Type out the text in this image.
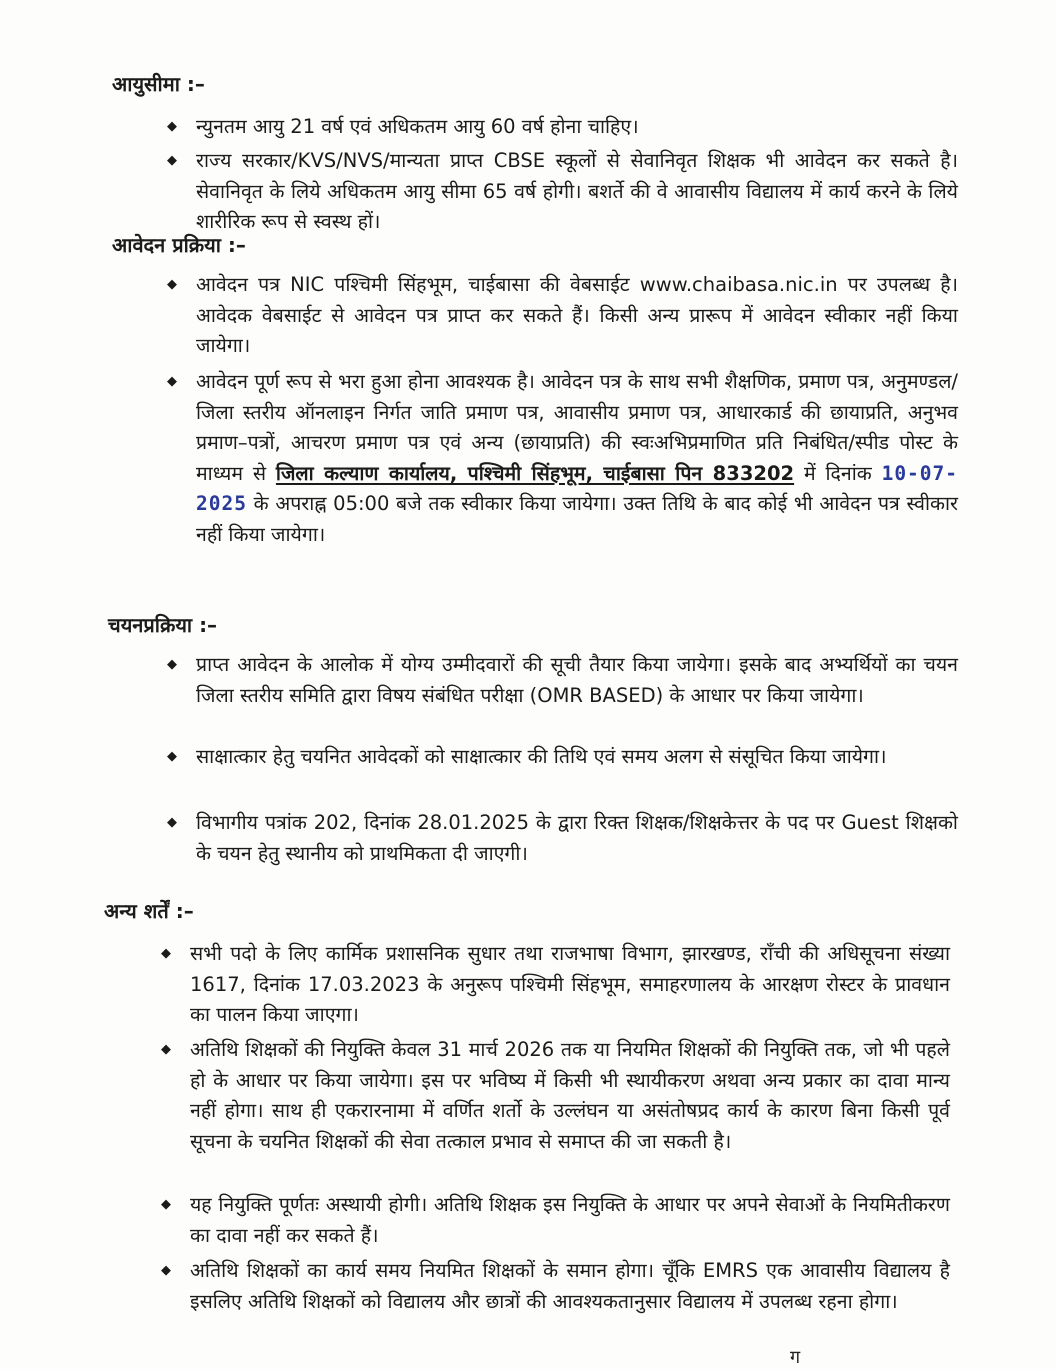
आयुसीमा :–
◆ न्युनतम आयु 21 वर्ष एवं अधिकतम आयु 60 वर्ष होना चाहिए।
◆ राज्य सरकार/KVS/NVS/मान्यता प्राप्त CBSE स्कूलों से सेवानिवृत शिक्षक भी आवेदन कर सकते है। सेवानिवृत के लिये अधिकतम आयु सीमा 65 वर्ष होगी। बशर्ते की वे आवासीय विद्यालय में कार्य करने के लिये शारीरिक रूप से स्वस्थ हों।
आवेदन प्रक्रिया :–
◆ आवेदन पत्र NIC पश्चिमी सिंहभूम, चाईबासा की वेबसाईट www.chaibasa.nic.in पर उपलब्ध है। आवेदक वेबसाईट से आवेदन पत्र प्राप्त कर सकते हैं। किसी अन्य प्रारूप में आवेदन स्वीकार नहीं किया जायेगा।
◆ आवेदन पूर्ण रूप से भरा हुआ होना आवश्यक है। आवेदन पत्र के साथ सभी शैक्षणिक, प्रमाण पत्र, अनुमण्डल/जिला स्तरीय ऑनलाइन निर्गत जाति प्रमाण पत्र, आवासीय प्रमाण पत्र, आधारकार्ड की छायाप्रति, अनुभव प्रमाण–पत्रों, आचरण प्रमाण पत्र एवं अन्य (छायाप्रति) की स्वःअभिप्रमाणित प्रति निबंधित/स्पीड पोस्ट के माध्यम से जिला कल्याण कार्यालय, पश्चिमी सिंहभूम, चाईबासा पिन 833202 में दिनांक 10-07-2025 के अपराह्न 05:00 बजे तक स्वीकार किया जायेगा। उक्त तिथि के बाद कोई भी आवेदन पत्र स्वीकार नहीं किया जायेगा।
चयनप्रक्रिया :–
◆ प्राप्त आवेदन के आलोक में योग्य उम्मीदवारों की सूची तैयार किया जायेगा। इसके बाद अभ्यर्थियों का चयन जिला स्तरीय समिति द्वारा विषय संबंधित परीक्षा (OMR BASED) के आधार पर किया जायेगा।
◆ साक्षात्कार हेतु चयनित आवेदकों को साक्षात्कार की तिथि एवं समय अलग से संसूचित किया जायेगा।
◆ विभागीय पत्रांक 202, दिनांक 28.01.2025 के द्वारा रिक्त शिक्षक/शिक्षकेत्तर के पद पर Guest शिक्षको के चयन हेतु स्थानीय को प्राथमिकता दी जाएगी।
अन्य शर्तें :–
◆ सभी पदो के लिए कार्मिक प्रशासनिक सुधार तथा राजभाषा विभाग, झारखण्ड, राँची की अधिसूचना संख्या 1617, दिनांक 17.03.2023 के अनुरूप पश्चिमी सिंहभूम, समाहरणालय के आरक्षण रोस्टर के प्रावधान का पालन किया जाएगा।
◆ अतिथि शिक्षकों की नियुक्ति केवल 31 मार्च 2026 तक या नियमित शिक्षकों की नियुक्ति तक, जो भी पहले हो के आधार पर किया जायेगा। इस पर भविष्य में किसी भी स्थायीकरण अथवा अन्य प्रकार का दावा मान्य नहीं होगा। साथ ही एकरारनामा में वर्णित शर्तो के उल्लंघन या असंतोषप्रद कार्य के कारण बिना किसी पूर्व सूचना के चयनित शिक्षकों की सेवा तत्काल प्रभाव से समाप्त की जा सकती है।
◆ यह नियुक्ति पूर्णतः अस्थायी होगी। अतिथि शिक्षक इस नियुक्ति के आधार पर अपने सेवाओं के नियमितीकरण का दावा नहीं कर सकते हैं।
◆ अतिथि शिक्षकों का कार्य समय नियमित शिक्षकों के समान होगा। चूँकि EMRS एक आवासीय विद्यालय है इसलिए अतिथि शिक्षकों को विद्यालय और छात्रों की आवश्यकतानुसार विद्यालय में उपलब्ध रहना होगा।
ग
